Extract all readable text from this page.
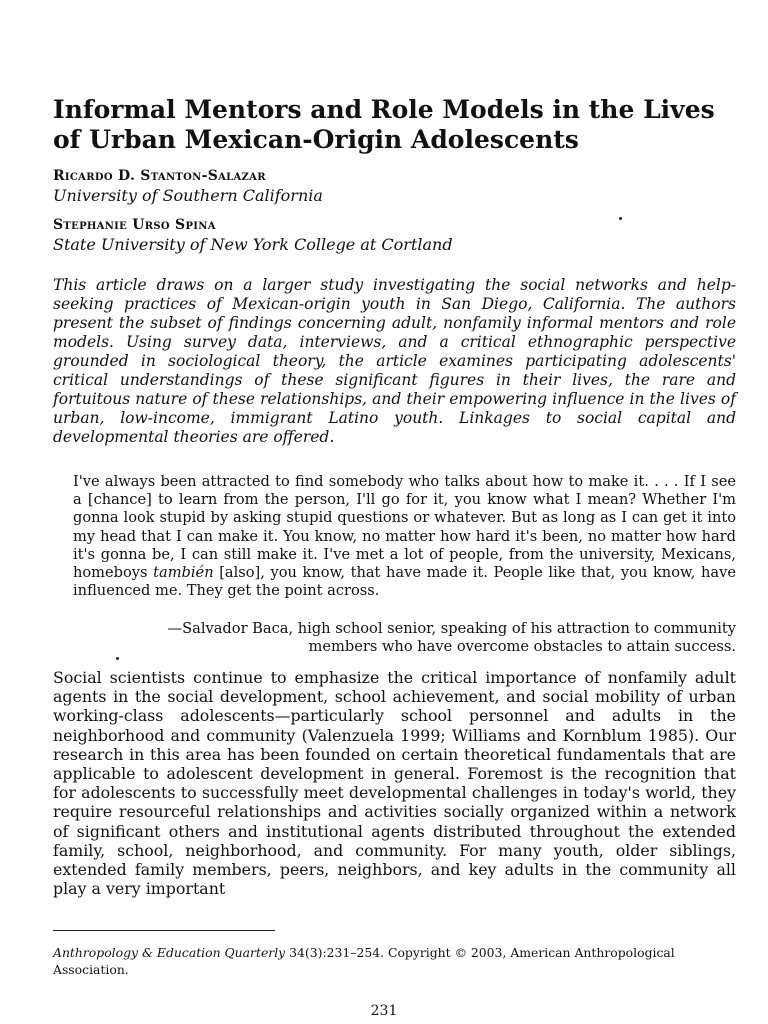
Informal Mentors and Role Models in the Lives
of Urban Mexican-Origin Adolescents
Ricardo D. Stanton-Salazar
University of Southern California
Stephanie Urso Spina
State University of New York College at Cortland

This article draws on a larger study investigating the social networks and help-seeking practices of Mexican-origin youth in San Diego, California. The authors present the subset of findings concerning adult, nonfamily informal mentors and role models. Using survey data, interviews, and a critical ethnographic perspective grounded in sociological theory, the article examines participating adolescents' critical understandings of these significant figures in their lives, the rare and fortuitous nature of these relationships, and their empowering influence in the lives of urban, low-income, immigrant Latino youth. Linkages to social capital and developmental theories are offered.

I've always been attracted to find somebody who talks about how to make it. . . . If I see a [chance] to learn from the person, I'll go for it, you know what I mean? Whether I'm gonna look stupid by asking stupid questions or whatever. But as long as I can get it into my head that I can make it. You know, no matter how hard it's been, no matter how hard it's gonna be, I can still make it. I've met a lot of people, from the university, Mexicans, homeboys también [also], you know, that have made it. People like that, you know, have influenced me. They get the point across.

—Salvador Baca, high school senior, speaking of his attraction to community
members who have overcome obstacles to attain success.

Social scientists continue to emphasize the critical importance of nonfamily adult agents in the social development, school achievement, and social mobility of urban working-class adolescents—particularly school personnel and adults in the neighborhood and community (Valenzuela 1999; Williams and Kornblum 1985). Our research in this area has been founded on certain theoretical fundamentals that are applicable to adolescent development in general. Foremost is the recognition that for adolescents to successfully meet developmental challenges in today's world, they require resourceful relationships and activities socially organized within a network of significant others and institutional agents distributed throughout the extended family, school, neighborhood, and community. For many youth, older siblings, extended family members, peers, neighbors, and key adults in the community all play a very important

Anthropology & Education Quarterly 34(3):231–254. Copyright © 2003, American Anthropological Association.

231
